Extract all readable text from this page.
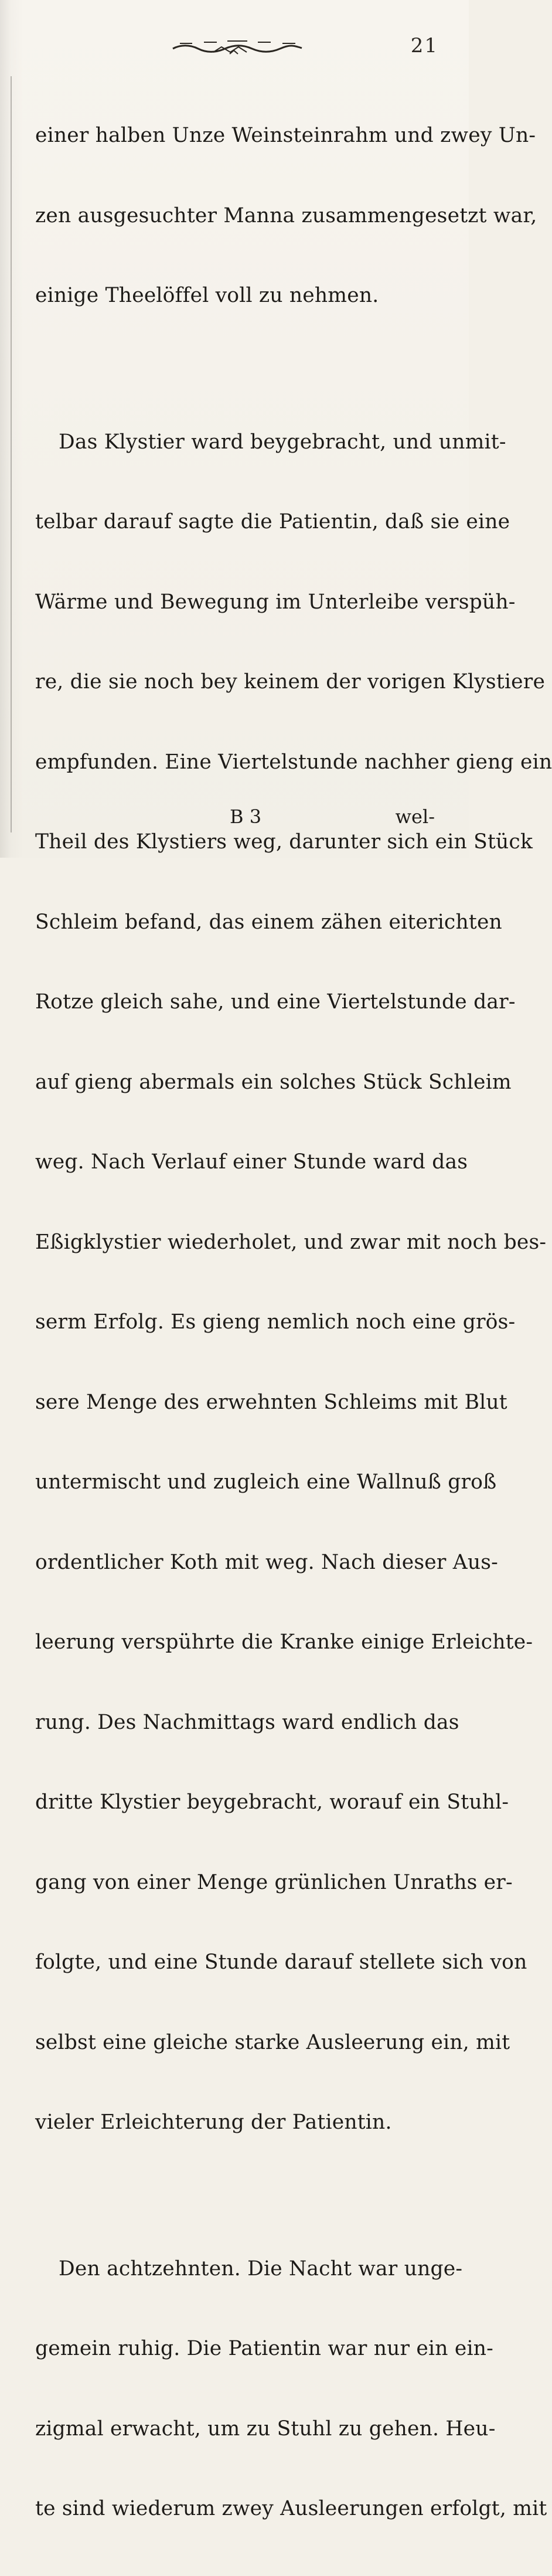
21

einer halben Unze Weinsteinrahm und zwey Un-

zen ausgesuchter Manna zusammengesetzt war,

einige Theelöffel voll zu nehmen.

Das Klystier ward beygebracht, und unmit-

telbar darauf sagte die Patientin, daß sie eine

Wärme und Bewegung im Unterleibe verspüh-

re, die sie noch bey keinem der vorigen Klystiere

empfunden. Eine Viertelstunde nachher gieng ein

Theil des Klystiers weg, darunter sich ein Stück

Schleim befand, das einem zähen eiterichten

Rotze gleich sahe, und eine Viertelstunde dar-

auf gieng abermals ein solches Stück Schleim

weg. Nach Verlauf einer Stunde ward das

Eßigklystier wiederholet, und zwar mit noch bes-

serm Erfolg. Es gieng nemlich noch eine grös-

sere Menge des erwehnten Schleims mit Blut

untermischt und zugleich eine Wallnuß groß

ordentlicher Koth mit weg. Nach dieser Aus-

leerung verspührte die Kranke einige Erleichte-

rung. Des Nachmittags ward endlich das

dritte Klystier beygebracht, worauf ein Stuhl-

gang von einer Menge grünlichen Unraths er-

folgte, und eine Stunde darauf stellete sich von

selbst eine gleiche starke Ausleerung ein, mit

vieler Erleichterung der Patientin.

Den achtzehnten. Die Nacht war unge-

gemein ruhig. Die Patientin war nur ein ein-

zigmal erwacht, um zu Stuhl zu gehen. Heu-

te sind wiederum zwey Ausleerungen erfolgt, mit

B 3	wel-
